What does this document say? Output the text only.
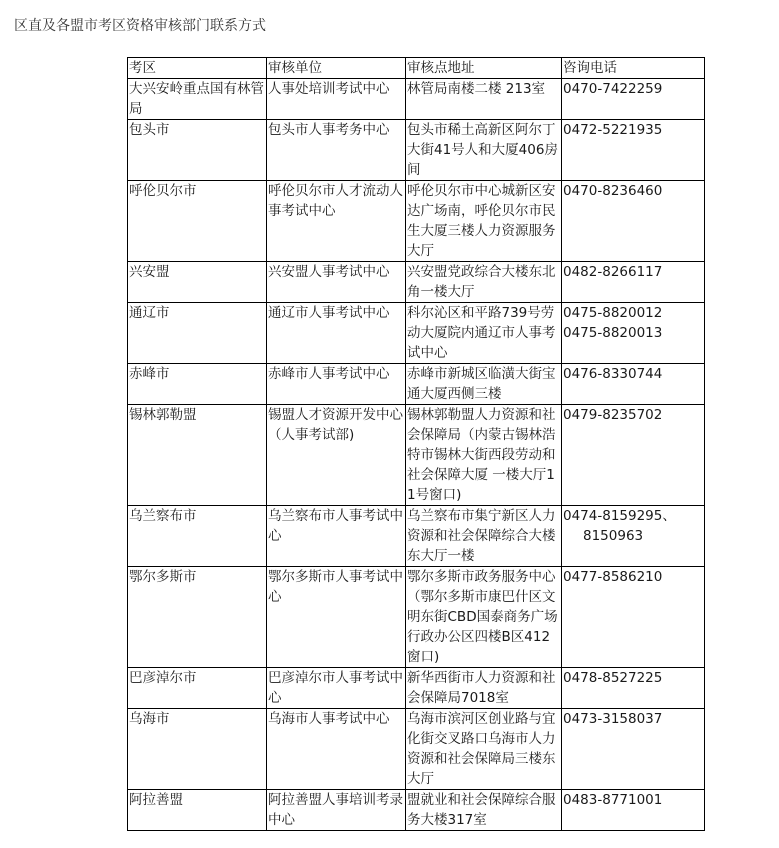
区直及各盟市考区资格审核部门联系方式
考区	审核单位	审核点地址	咨询电话
大兴安岭重点国有林管局	人事处培训考试中心	林管局南楼二楼 213室	0470-7422259
包头市	包头市人事考务中心	包头市稀土高新区阿尔丁大街41号人和大厦406房间	0472-5221935
呼伦贝尔市	呼伦贝尔市人才流动人事考试中心	呼伦贝尔市中心城新区安达广场南，呼伦贝尔市民生大厦三楼人力资源服务大厅	0470-8236460
兴安盟	兴安盟人事考试中心	兴安盟党政综合大楼东北角一楼大厅	0482-8266117
通辽市	通辽市人事考试中心	科尔沁区和平路739号劳动大厦院内通辽市人事考试中心	0475-8820012
0475-8820013

赤峰市	赤峰市人事考试中心	赤峰市新城区临潢大街宝通大厦西侧三楼	0476-8330744
锡林郭勒盟	锡盟人才资源开发中心（人事考试部)	锡林郭勒盟人力资源和社会保障局（内蒙古锡林浩特市锡林大街西段劳动和社会保障大厦 一楼大厅11号窗口)	0479-8235702
乌兰察布市	乌兰察布市人事考试中心	乌兰察布市集宁新区人力资源和社会保障综合大楼东大厅一楼	0474-8159295、
8150963

鄂尔多斯市	鄂尔多斯市人事考试中心	鄂尔多斯市政务服务中心（鄂尔多斯市康巴什区文明东街CBD国泰商务广场行政办公区四楼B区412窗口)	0477-8586210
巴彦淖尔市	巴彦淖尔市人事考试中心	新华西街市人力资源和社会保障局7018室	0478-8527225
乌海市	乌海市人事考试中心	乌海市滨河区创业路与宜化街交叉路口乌海市人力资源和社会保障局三楼东大厅	0473-3158037
阿拉善盟	阿拉善盟人事培训考录中心	盟就业和社会保障综合服务大楼317室	0483-8771001
